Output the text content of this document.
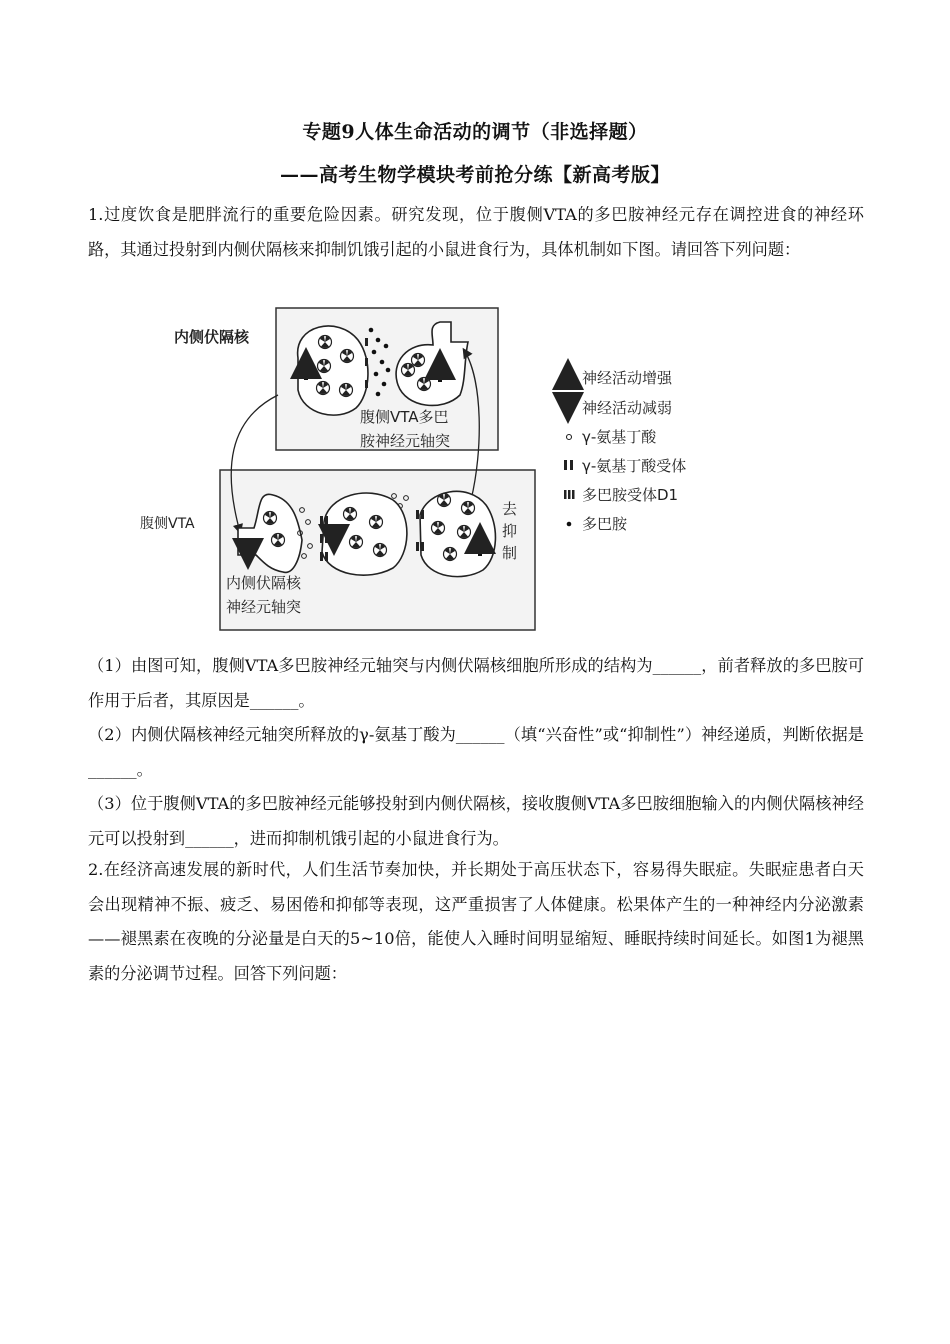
专题9人体生命活动的调节（非选择题）
——高考生物学模块考前抢分练【新高考版】
1.过度饮食是肥胖流行的重要危险因素。研究发现，位于腹侧VTA的多巴胺神经元存在调控进食的神经环路，其通过投射到内侧伏隔核来抑制饥饿引起的小鼠进食行为，具体机制如下图。请回答下列问题：
内侧伏隔核
腹侧VTA
腹侧VTA多巴
胺神经元轴突
去
抑
制
内侧伏隔核
神经元轴突
神经活动增强
神经活动减弱
γ-氨基丁酸
γ-氨基丁酸受体
多巴胺受体D1
多巴胺
（1）由图可知，腹侧VTA多巴胺神经元轴突与内侧伏隔核细胞所形成的结构为______，前者释放的多巴胺可作用于后者，其原因是______。
（2）内侧伏隔核神经元轴突所释放的γ-氨基丁酸为______（填“兴奋性”或“抑制性”）神经递质，判断依据是______。
（3）位于腹侧VTA的多巴胺神经元能够投射到内侧伏隔核，接收腹侧VTA多巴胺细胞输入的内侧伏隔核神经元可以投射到______，进而抑制机饿引起的小鼠进食行为。
2.在经济高速发展的新时代，人们生活节奏加快，并长期处于高压状态下，容易得失眠症。失眠症患者白天会出现精神不振、疲乏、易困倦和抑郁等表现，这严重损害了人体健康。松果体产生的一种神经内分泌激素——褪黑素在夜晚的分泌量是白天的5~10倍，能使人入睡时间明显缩短、睡眠持续时间延长。如图1为褪黑素的分泌调节过程。回答下列问题：
